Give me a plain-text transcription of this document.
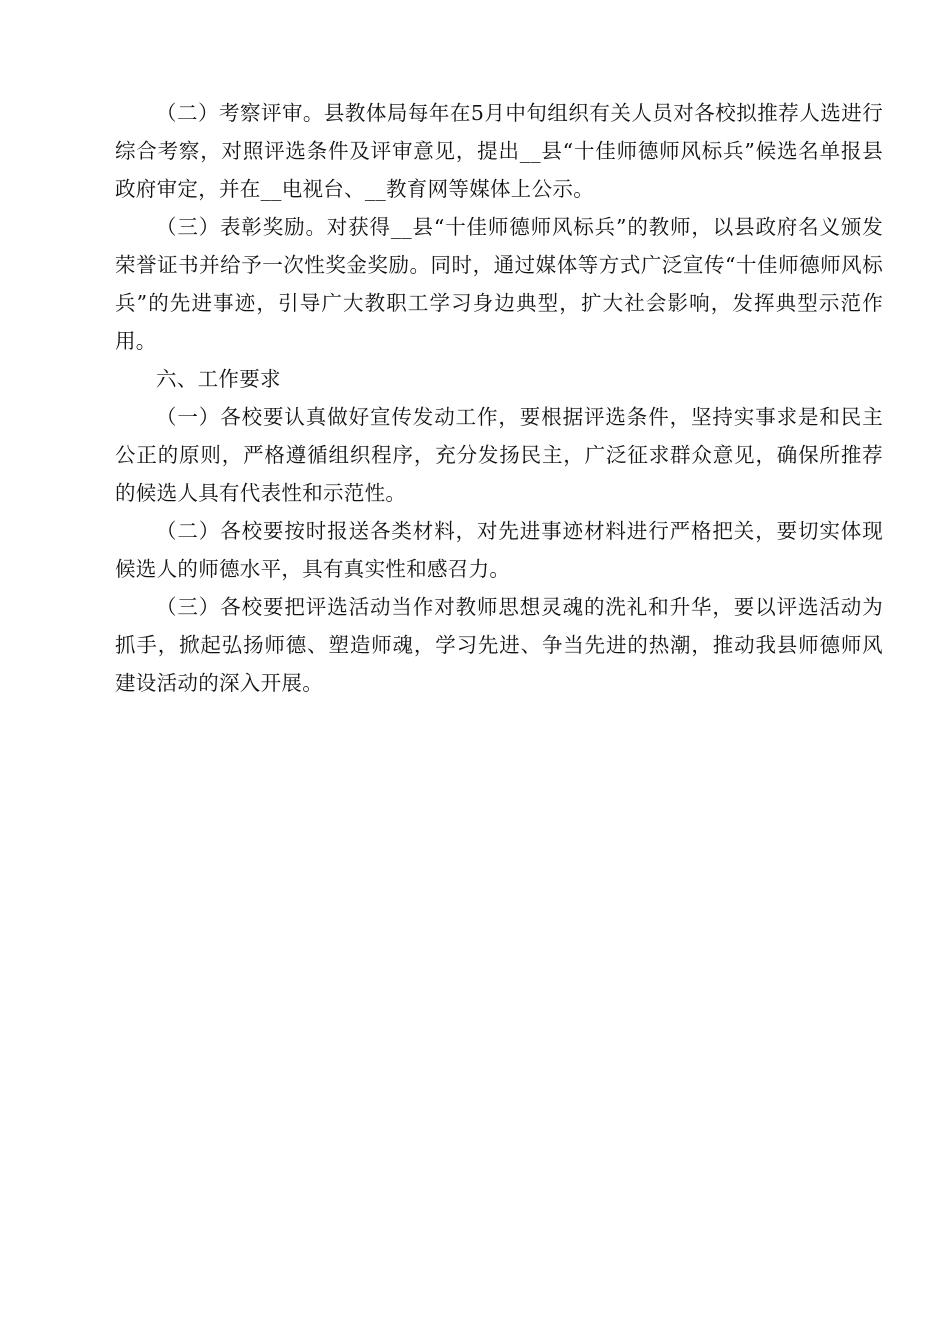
（二）考察评审。县教体局每年在5月中旬组织有关人员对各校拟推荐人选进行综合考察，对照评选条件及评审意见，提出__县“十佳师德师风标兵”候选名单报县政府审定，并在__电视台、__教育网等媒体上公示。

（三）表彰奖励。对获得__县“十佳师德师风标兵”的教师，以县政府名义颁发荣誉证书并给予一次性奖金奖励。同时，通过媒体等方式广泛宣传“十佳师德师风标兵”的先进事迹，引导广大教职工学习身边典型，扩大社会影响，发挥典型示范作用。

六、工作要求

（一）各校要认真做好宣传发动工作，要根据评选条件，坚持实事求是和民主公正的原则，严格遵循组织程序，充分发扬民主，广泛征求群众意见，确保所推荐的候选人具有代表性和示范性。

（二）各校要按时报送各类材料，对先进事迹材料进行严格把关，要切实体现候选人的师德水平，具有真实性和感召力。

（三）各校要把评选活动当作对教师思想灵魂的洗礼和升华，要以评选活动为抓手，掀起弘扬师德、塑造师魂，学习先进、争当先进的热潮，推动我县师德师风建设活动的深入开展。
